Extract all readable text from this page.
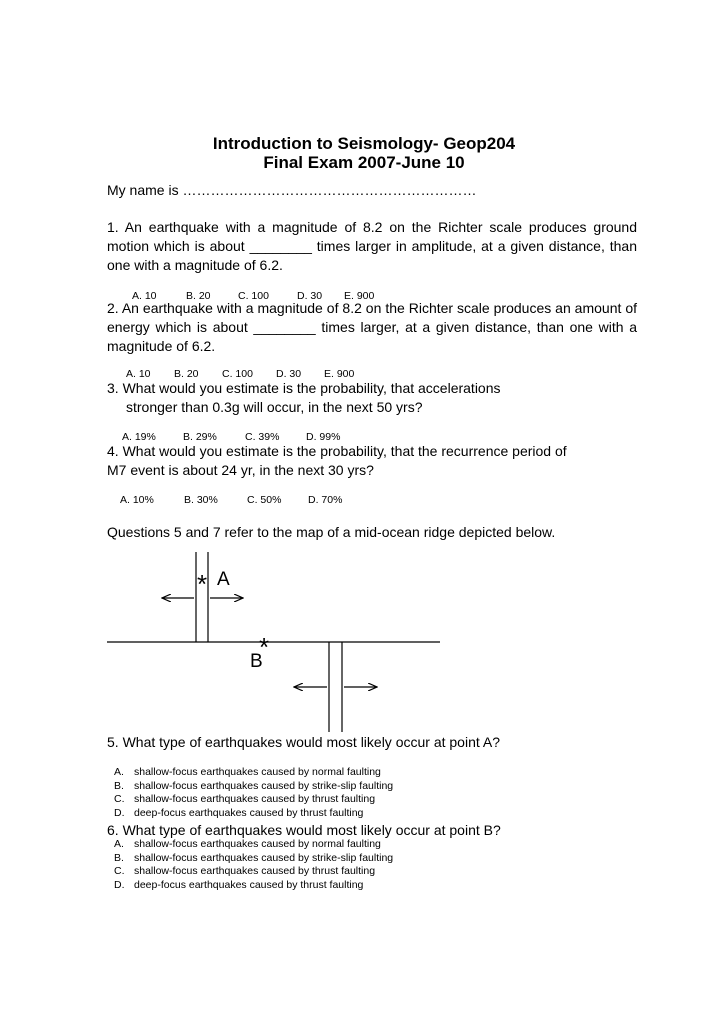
Introduction to Seismology- Geop204
Final Exam 2007-June 10
My name is ………………………………………………………
1. An earthquake with a magnitude of 8.2 on the Richter scale produces ground motion which is about ________ times larger in amplitude, at a given distance, than one with a magnitude of 6.2.
A. 10	B. 20	C. 100	D. 30 E. 900
2. An earthquake with a magnitude of 8.2 on the Richter scale produces an amount of energy which is about ________ times larger, at a given distance, than one with a magnitude of 6.2.
A. 10 B. 20 C. 100 D. 30 E. 900
3. What would you estimate is the probability, that accelerations
stronger than 0.3g will occur, in the next 50 yrs?
A. 19%	B. 29%	C. 39%	D. 99%
4. What would you estimate is the probability, that the recurrence period of
M7 event is about 24 yr, in the next 30 yrs?
A. 10%	B. 30%	C. 50%	D. 70%
Questions 5 and 7 refer to the map of a mid-ocean ridge depicted below.
* A
*
B
5. What type of earthquakes would most likely occur at point A?
A. shallow-focus earthquakes caused by normal faulting
B. shallow-focus earthquakes caused by strike-slip faulting
C. shallow-focus earthquakes caused by thrust faulting
D. deep-focus earthquakes caused by thrust faulting
6. What type of earthquakes would most likely occur at point B?
A. shallow-focus earthquakes caused by normal faulting
B. shallow-focus earthquakes caused by strike-slip faulting
C. shallow-focus earthquakes caused by thrust faulting
D. deep-focus earthquakes caused by thrust faulting
